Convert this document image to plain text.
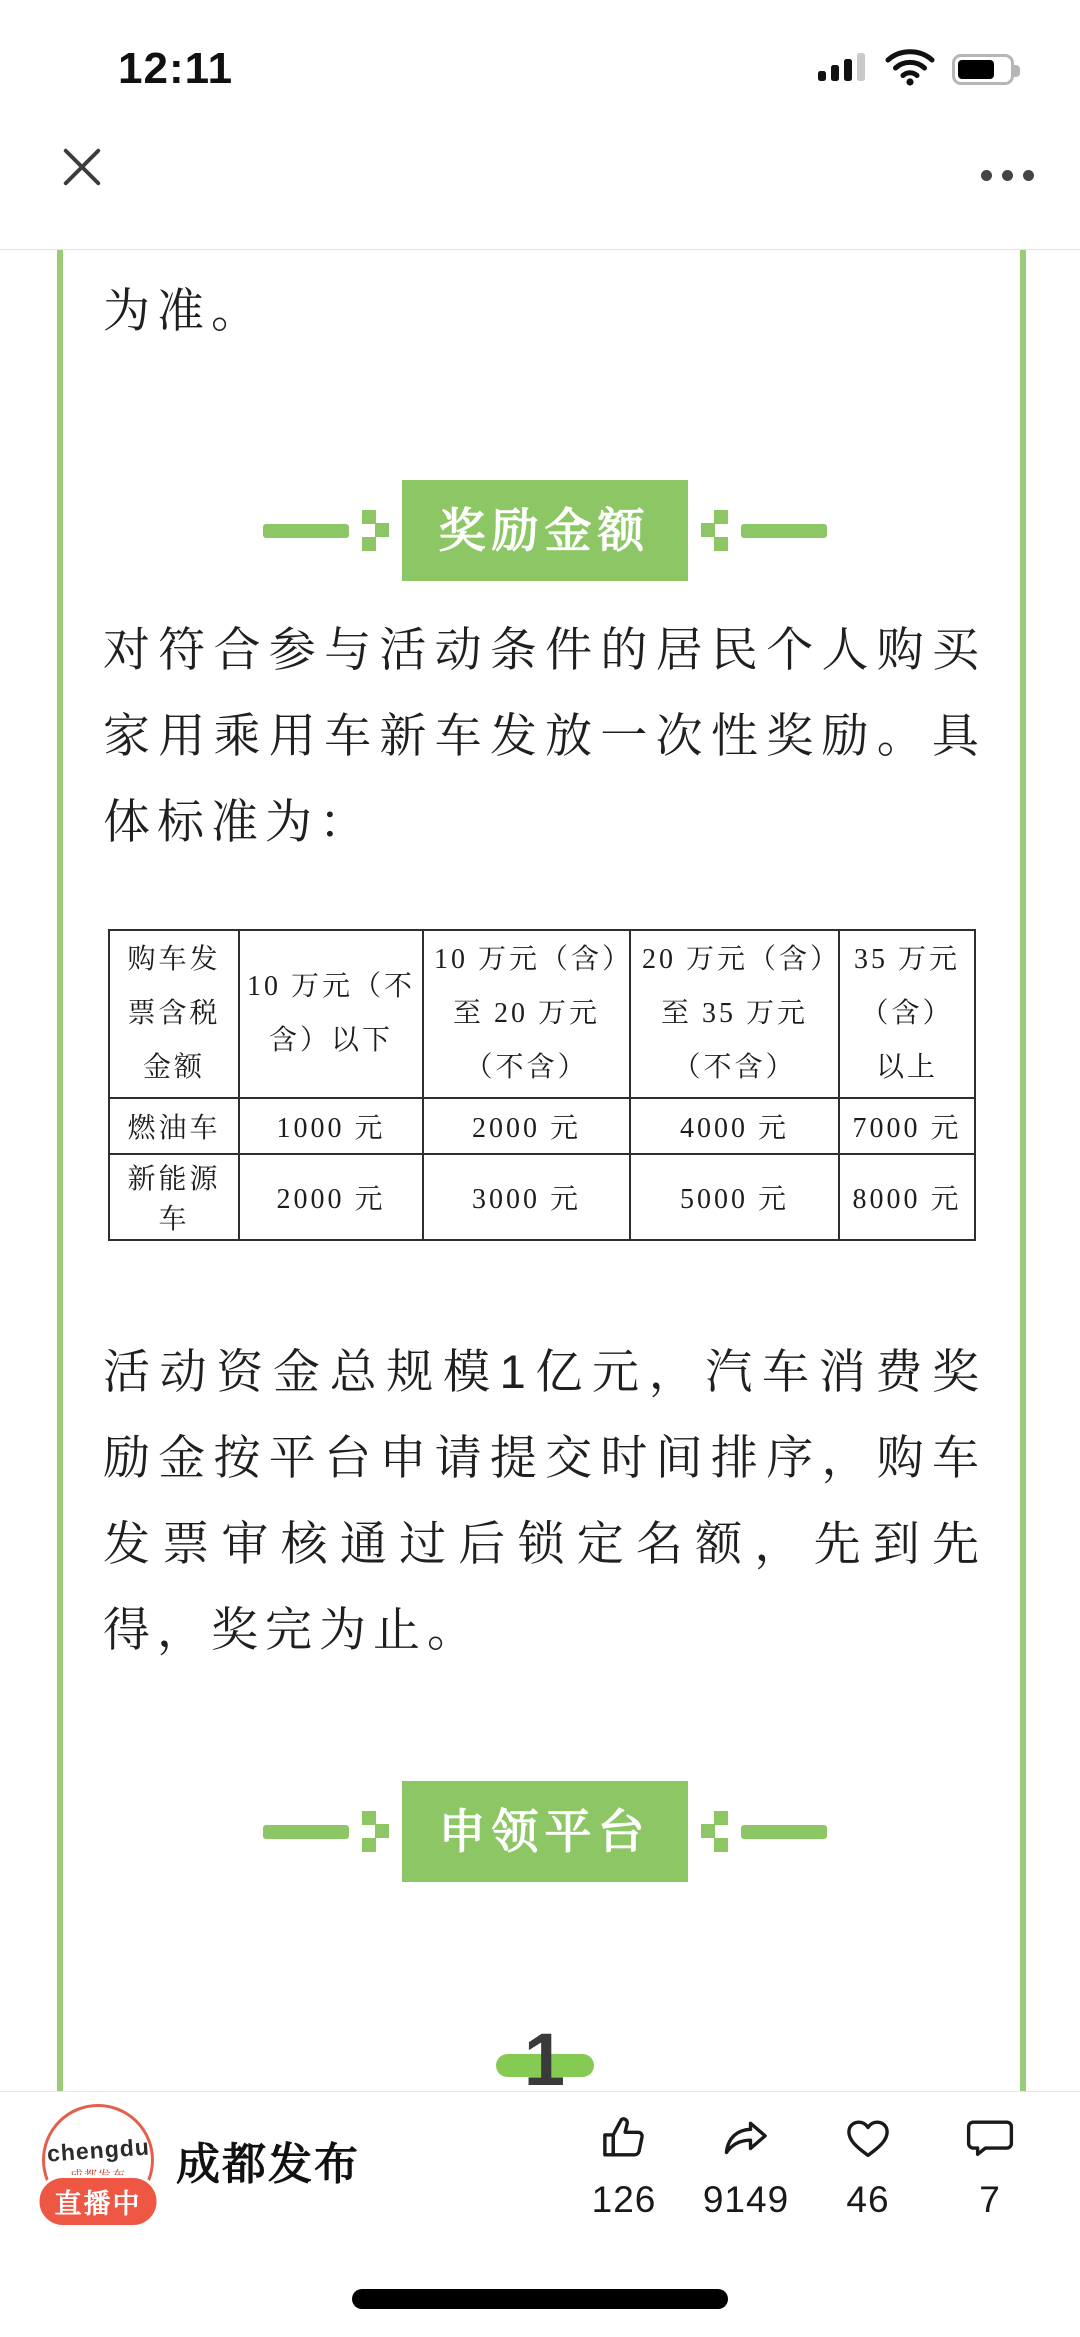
12:11

为准。

奖励金额

对符合参与活动条件的居民个人购买家用乘用车新车发放一次性奖励。具体标准为：

购车发票含税金额	10 万元（不含）以下	10 万元（含）至 20 万元（不含）	20 万元（含）至 35 万元（不含）	35 万元（含）以上
燃油车	1000 元	2000 元	4000 元	7000 元
新能源车	2000 元	3000 元	5000 元	8000 元

活动资金总规模1亿元，汽车消费奖励金按平台申请提交时间排序，购车发票审核通过后锁定名额，先到先得，奖完为止。

申领平台
1
chengdu
直播中
成都发布
126 9149 46 7
